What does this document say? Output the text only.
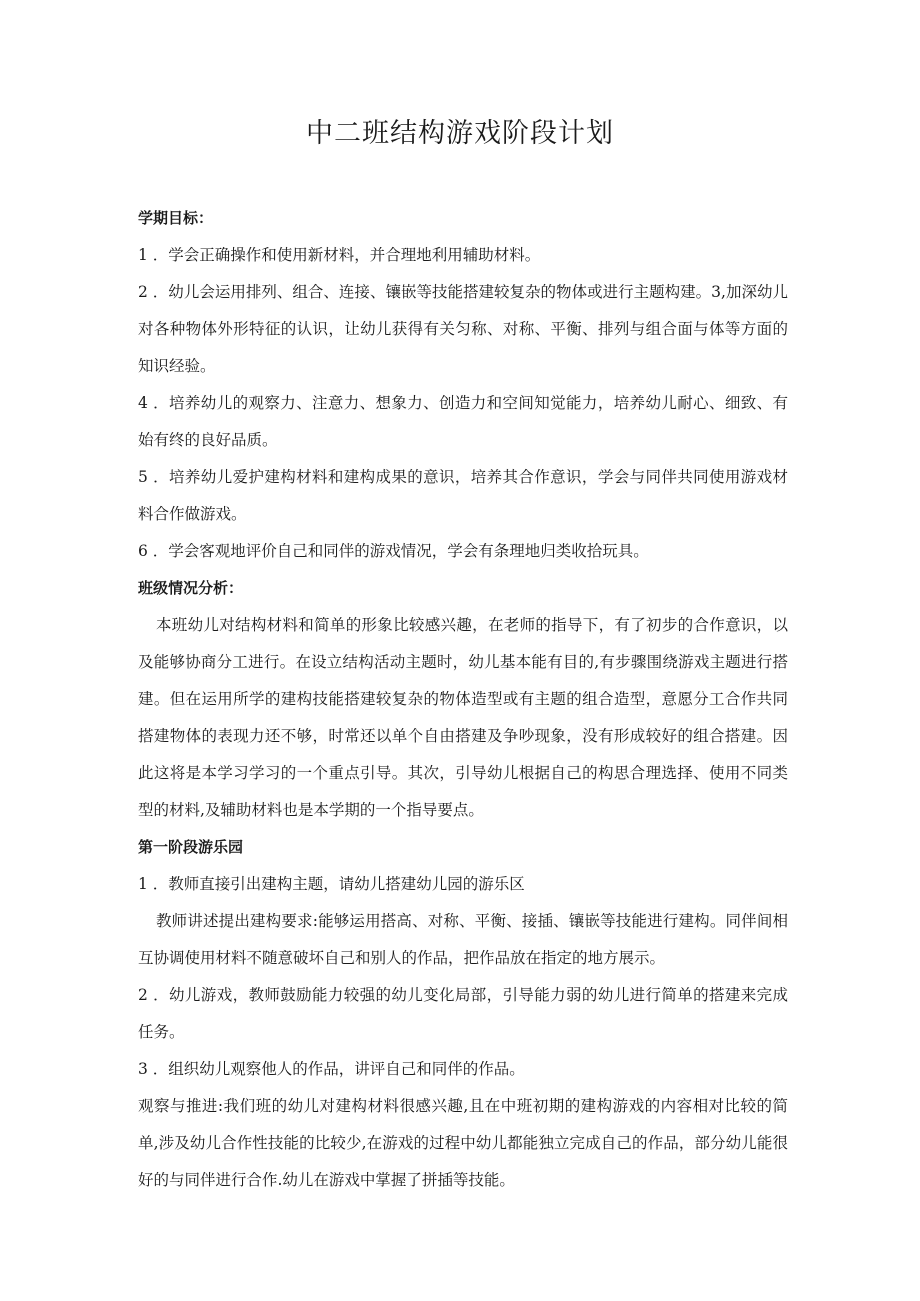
中二班结构游戏阶段计划

学期目标：

1 ．学会正确操作和使用新材料，并合理地利用辅助材料。

2 ．幼儿会运用排列、组合、连接、镶嵌等技能搭建较复杂的物体或进行主题构建。3,加深幼儿对各种物体外形特征的认识，让幼儿获得有关匀称、对称、平衡、排列与组合面与体等方面的知识经验。

4 ．培养幼儿的观察力、注意力、想象力、创造力和空间知觉能力，培养幼儿耐心、细致、有始有终的良好品质。

5 ．培养幼儿爱护建构材料和建构成果的意识，培养其合作意识，学会与同伴共同使用游戏材料合作做游戏。

6 ．学会客观地评价自己和同伴的游戏情况，学会有条理地归类收拾玩具。

班级情况分析：

本班幼儿对结构材料和简单的形象比较感兴趣，在老师的指导下，有了初步的合作意识，以及能够协商分工进行。在设立结构活动主题时，幼儿基本能有目的,有步骤围绕游戏主题进行搭建。但在运用所学的建构技能搭建较复杂的物体造型或有主题的组合造型，意愿分工合作共同搭建物体的表现力还不够，时常还以单个自由搭建及争吵现象，没有形成较好的组合搭建。因此这将是本学习学习的一个重点引导。其次，引导幼儿根据自己的构思合理选择、使用不同类型的材料,及辅助材料也是本学期的一个指导要点。

第一阶段游乐园

1 ．教师直接引出建构主题，请幼儿搭建幼儿园的游乐区

教师讲述提出建构要求:能够运用搭高、对称、平衡、接插、镶嵌等技能进行建构。同伴间相互协调使用材料不随意破坏自己和别人的作品，把作品放在指定的地方展示。

2 ．幼儿游戏，教师鼓励能力较强的幼儿变化局部，引导能力弱的幼儿进行简单的搭建来完成任务。

3 ．组织幼儿观察他人的作品，讲评自己和同伴的作品。

观察与推进:我们班的幼儿对建构材料很感兴趣,且在中班初期的建构游戏的内容相对比较的简单,涉及幼儿合作性技能的比较少,在游戏的过程中幼儿都能独立完成自己的作品，部分幼儿能很好的与同伴进行合作.幼儿在游戏中掌握了拼插等技能。
